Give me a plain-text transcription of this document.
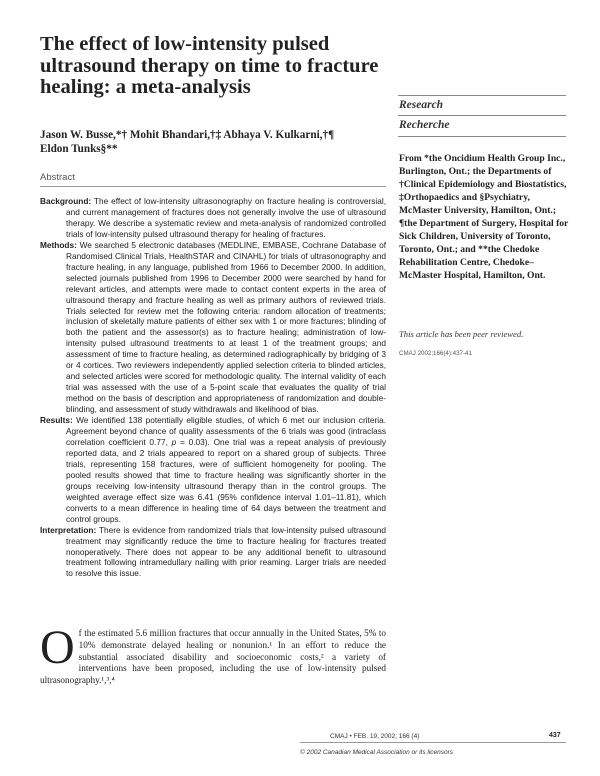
The effect of low-intensity pulsed ultrasound therapy on time to fracture healing: a meta-analysis
Jason W. Busse,*† Mohit Bhandari,†‡ Abhaya V. Kulkarni,†¶
Eldon Tunks§**
Abstract

Background: The effect of low-intensity ultrasonography on fracture healing is controversial, and current management of fractures does not generally involve the use of ultrasound therapy. We describe a systematic review and meta-analysis of randomized controlled trials of low-intensity pulsed ultrasound therapy for healing of fractures.

Methods: We searched 5 electronic databases (MEDLINE, EMBASE, Cochrane Database of Randomised Clinical Trials, HealthSTAR and CINAHL) for trials of ultrasonography and fracture healing, in any language, published from 1966 to December 2000. In addition, selected journals published from 1996 to December 2000 were searched by hand for relevant articles, and attempts were made to contact content experts in the area of ultrasound therapy and fracture healing as well as primary authors of reviewed trials. Trials selected for review met the following criteria: random allocation of treatments; inclusion of skeletally mature patients of either sex with 1 or more fractures; blinding of both the patient and the assessor(s) as to fracture healing; administration of low-intensity pulsed ultrasound treatments to at least 1 of the treatment groups; and assessment of time to fracture healing, as determined radiographically by bridging of 3 or 4 cortices. Two reviewers independently applied selection criteria to blinded articles, and selected articles were scored for methodologic quality. The internal validity of each trial was assessed with the use of a 5-point scale that evaluates the quality of trial method on the basis of description and appropriateness of randomization and double-blinding, and assessment of study withdrawals and likelihood of bias.

Results: We identified 138 potentially eligible studies, of which 6 met our inclusion criteria. Agreement beyond chance of quality assessments of the 6 trials was good (intraclass correlation coefficient 0.77, p = 0.03). One trial was a repeat analysis of previously reported data, and 2 trials appeared to report on a shared group of subjects. Three trials, representing 158 fractures, were of sufficient homogeneity for pooling. The pooled results showed that time to fracture healing was significantly shorter in the groups receiving low-intensity ultrasound therapy than in the control groups. The weighted average effect size was 6.41 (95% confidence interval 1.01–11.81), which converts to a mean difference in healing time of 64 days between the treatment and control groups.

Interpretation: There is evidence from randomized trials that low-intensity pulsed ultrasound treatment may significantly reduce the time to fracture healing for fractures treated nonoperatively. There does not appear to be any additional benefit to ultrasound treatment following intramedullary nailing with prior reaming. Larger trials are needed to resolve this issue.

Research
Recherche
From *the Oncidium Health Group Inc., Burlington, Ont.; the Departments of †Clinical Epidemiology and Biostatistics, ‡Orthopaedics and §Psychiatry, McMaster University, Hamilton, Ont.; ¶the Department of Surgery, Hospital for Sick Children, University of Toronto, Toronto, Ont.; and **the Chedoke Rehabilitation Centre, Chedoke–McMaster Hospital, Hamilton, Ont.
This article has been peer reviewed.
CMAJ 2002;166(4):437-41
Of the estimated 5.6 million fractures that occur annually in the United States, 5% to 10% demonstrate delayed healing or nonunion.¹ In an effort to reduce the substantial associated disability and socioeconomic costs,² a variety of interventions have been proposed, including the use of low-intensity pulsed ultrasonography.¹,³,⁴
CMAJ • FEB. 19, 2002; 166 (4)	437
© 2002 Canadian Medical Association or its licensors
